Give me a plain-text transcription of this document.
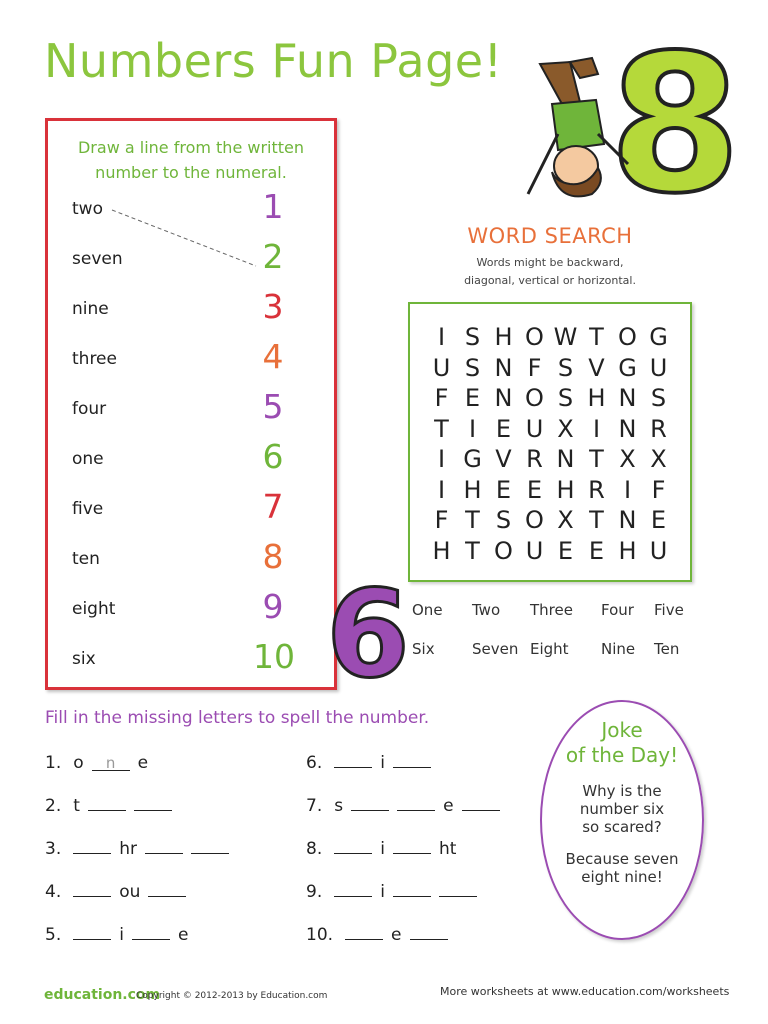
Numbers Fun Page! 8
Draw a line from the written
number to the numeral.
two	1
seven	2
nine	3
three	4
four	5
one	6
five	7
ten	8
eight	9
six	10
WORD SEARCH
Words might be backward,
diagonal, vertical or horizontal.
I S H O W T O G
U S N F S V G U
F E N O S H N S
T I E U X I N R
I G V R N T X X
I H E E H R I F
F T S O X T N E
H T O U E E H U
One Two Three Four Five
Six Seven Eight Nine Ten
6
Fill in the missing letters to spell the number.
1. o n e
2. t
3.	hr
4.	ou
5.	i	e
6.	i
7. s	e
8.	i	ht
9.	i
10.	e
Joke
of the Day!
Why is the
number six
so scared?
Because seven
eight nine!
education.com
Copyright © 2012-2013 by Education.com	More worksheets at www.education.com/worksheets
